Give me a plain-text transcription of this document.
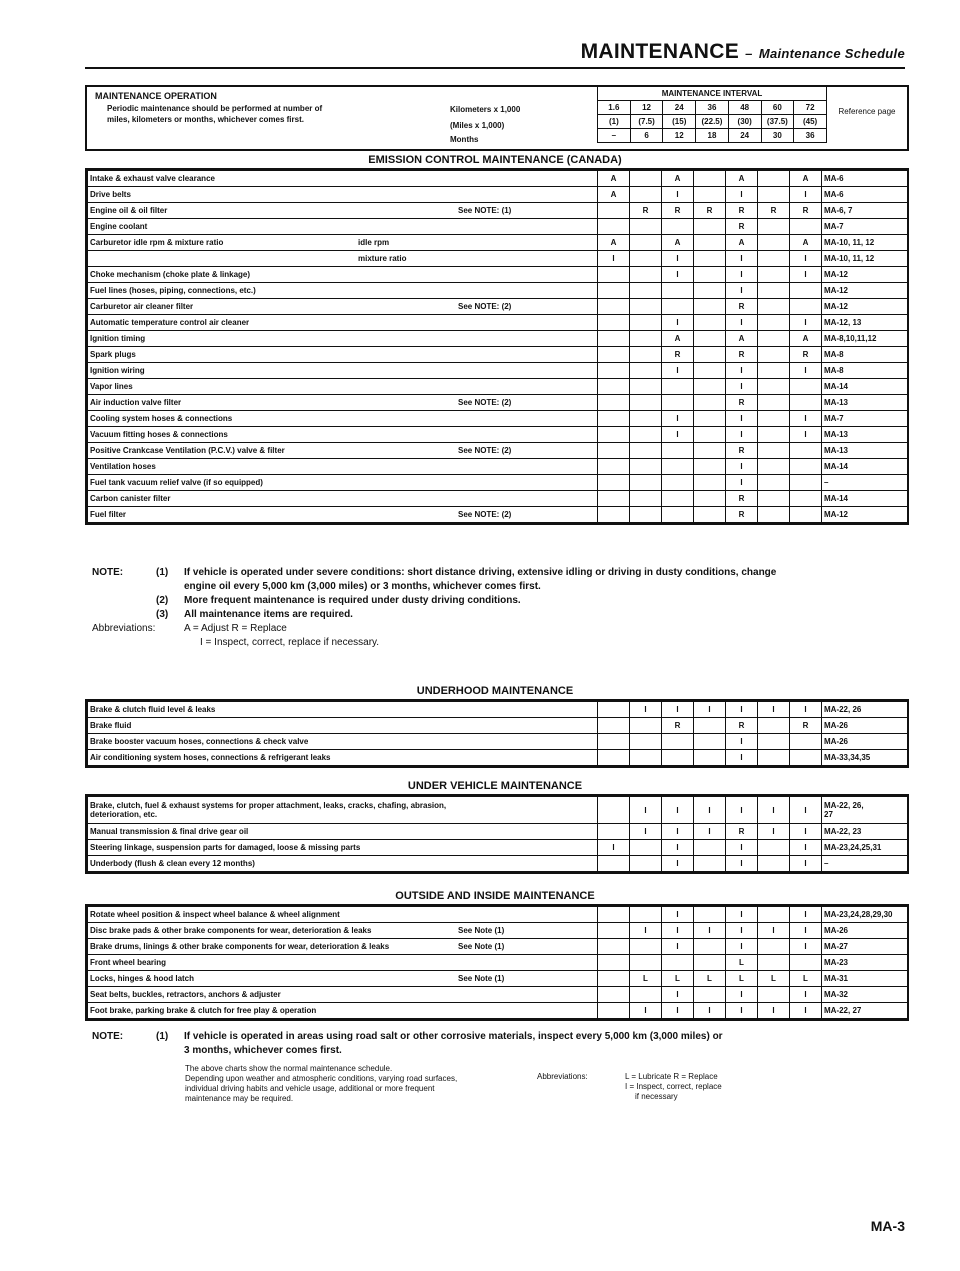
MAINTENANCE – Maintenance Schedule
MAINTENANCE OPERATION
Periodic maintenance should be performed at number of
miles, kilometers or months, whichever comes first.
Kilometers x 1,000
(Miles x 1,000)
Months
MAINTENANCE INTERVAL						
1.6	12	24	36	48	60	72
(1)	(7.5)	(15)	(22.5)	(30)	(37.5)	(45)
–	6	12	18	24	30	36
Reference page
EMISSION CONTROL MAINTENANCE (CANADA)
Intake & exhaust valve clearance	A		A		A		A	MA-6
Drive belts	A		I		I		I	MA-6
Engine oil & oil filter See NOTE: (1)		R	R	R	R	R	R	MA-6, 7
Engine coolant					R			MA-7
Carburetor idle rpm & mixture ratio idle rpm	A		A		A		A	MA-10, 11, 12

mixture ratio	I		I		I		I	MA-10, 11, 12
Choke mechanism (choke plate & linkage)			I		I		I	MA-12
Fuel lines (hoses, piping, connections, etc.)					I			MA-12
Carburetor air cleaner filter See NOTE: (2)					R			MA-12
Automatic temperature control air cleaner			I		I		I	MA-12, 13
Ignition timing			A		A		A	MA-8,10,11,12
Spark plugs			R		R		R	MA-8
Ignition wiring			I		I		I	MA-8
Vapor lines					I			MA-14
Air induction valve filter See NOTE: (2)					R			MA-13
Cooling system hoses & connections			I		I		I	MA-7
Vacuum fitting hoses & connections			I		I		I	MA-13
Positive Crankcase Ventilation (P.C.V.) valve & filter See NOTE: (2)					R			MA-13
Ventilation hoses					I			MA-14
Fuel tank vacuum relief valve (if so equipped)					I			–
Carbon canister filter					R			MA-14
Fuel filter See NOTE: (2)					R			MA-12
NOTE:	(1)	If vehicle is operated under severe conditions: short distance driving, extensive idling or driving in dusty conditions, change
engine oil every 5,000 km (3,000 miles) or 3 months, whichever comes first.
(2)	More frequent maintenance is required under dusty driving conditions.
(3)	All maintenance items are required.
Abbreviations:	A = Adjust R = Replace
I = Inspect, correct, replace if necessary.
UNDERHOOD MAINTENANCE
Brake & clutch fluid level & leaks		I	I	I	I	I	I	MA-22, 26
Brake fluid			R		R		R	MA-26
Brake booster vacuum hoses, connections & check valve					I			MA-26
Air conditioning system hoses, connections & refrigerant leaks					I			MA-33,34,35
UNDER VEHICLE MAINTENANCE
Brake, clutch, fuel & exhaust systems for proper attachment, leaks, cracks, chafing, abrasion,
deterioration, etc.		I	I	I	I	I	I	MA-22, 26,
27
Manual transmission & final drive gear oil		I	I	I	R	I	I	MA-22, 23
Steering linkage, suspension parts for damaged, loose & missing parts	I		I		I		I	MA-23,24,25,31
Underbody (flush & clean every 12 months)			I		I		I	–
OUTSIDE AND INSIDE MAINTENANCE
Rotate wheel position & inspect wheel balance & wheel alignment			I		I		I	MA-23,24,28,29,30
Disc brake pads & other brake components for wear, deterioration & leaks See Note (1)		I	I	I	I	I	I	MA-26
Brake drums, linings & other brake components for wear, deterioration & leaks See Note (1)			I		I		I	MA-27
Front wheel bearing					L			MA-23
Locks, hinges & hood latch See Note (1)		L	L	L	L	L	L	MA-31
Seat belts, buckles, retractors, anchors & adjuster			I		I		I	MA-32
Foot brake, parking brake & clutch for free play & operation		I	I	I	I	I	I	MA-22, 27
NOTE:	(1)	If vehicle is operated in areas using road salt or other corrosive materials, inspect every 5,000 km (3,000 miles) or
3 months, whichever comes first.
The above charts show the normal maintenance schedule.
Depending upon weather and atmospheric conditions, varying road surfaces,
individual driving habits and vehicle usage, additional or more frequent
maintenance may be required.
Abbreviations:	L = Lubricate R = Replace
I = Inspect, correct, replace
if necessary
MA-3
